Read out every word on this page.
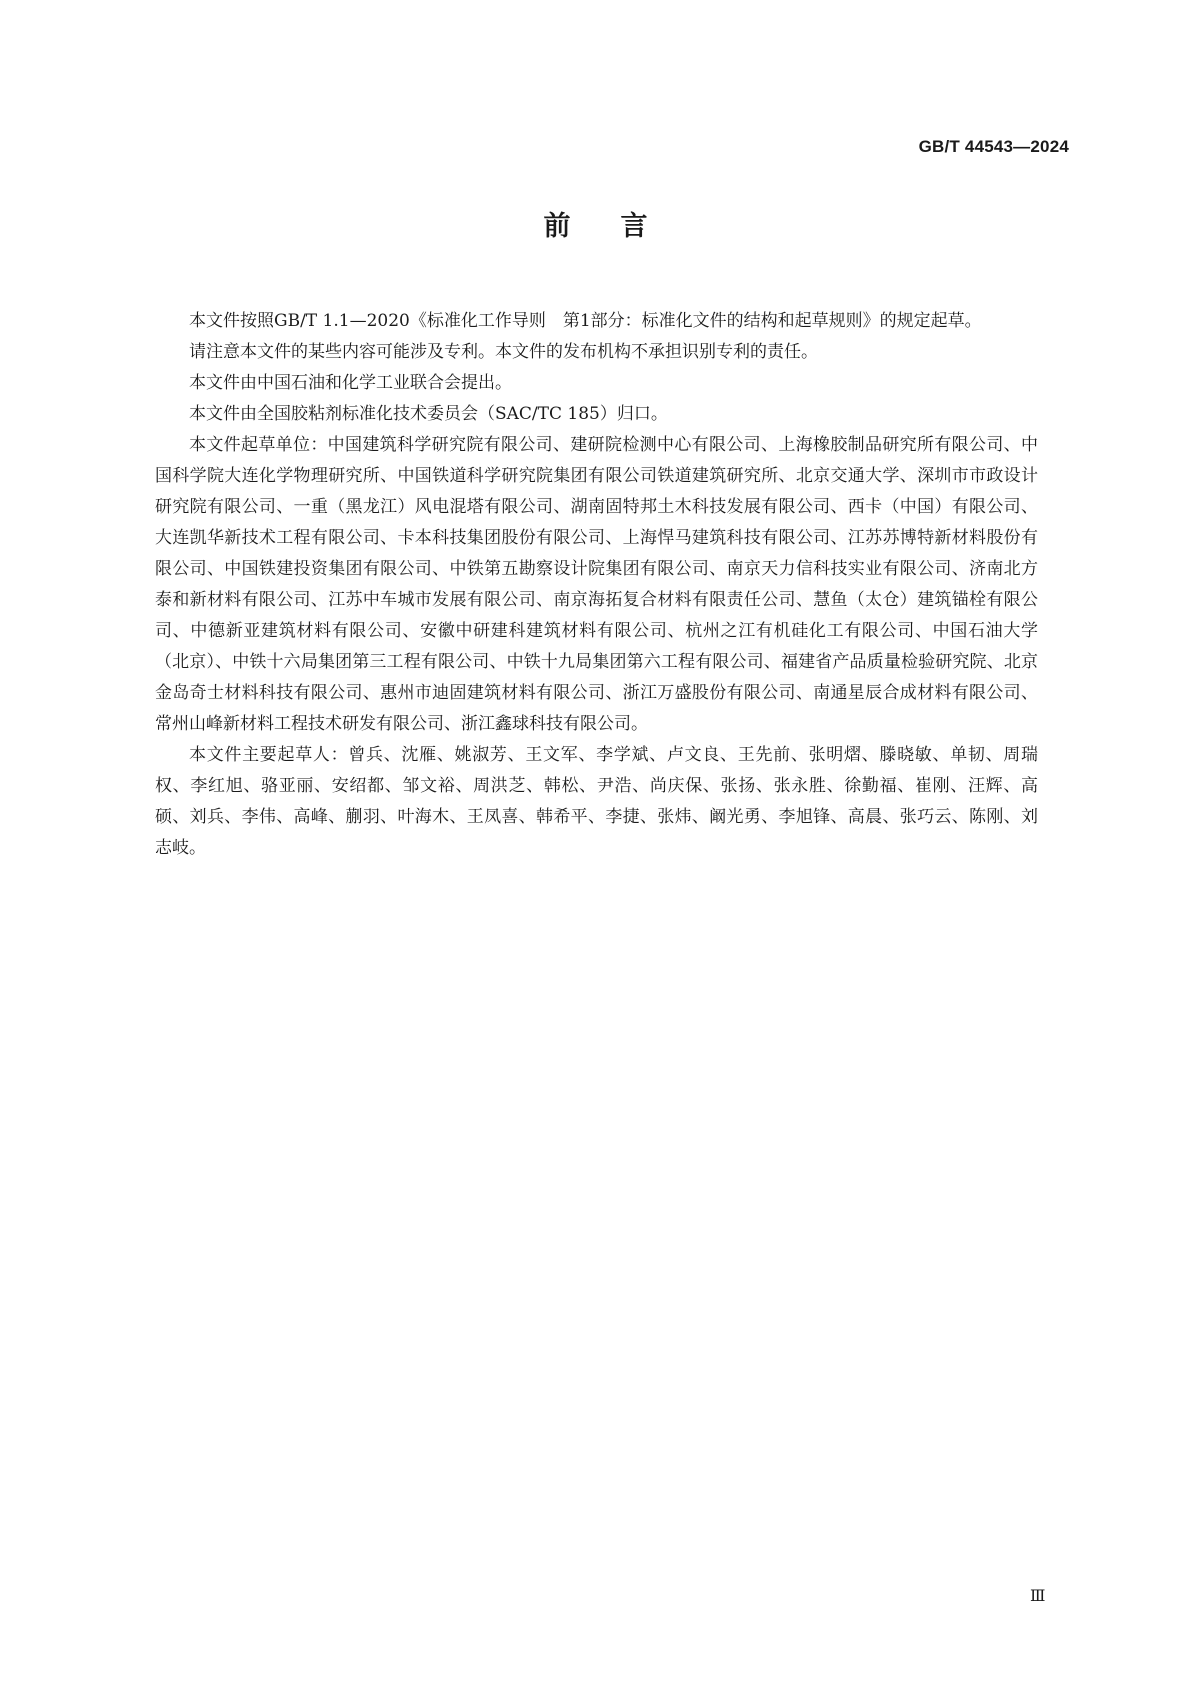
GB/T 44543—2024
前言

本文件按照GB/T 1.1—2020《标准化工作导则　第1部分：标准化文件的结构和起草规则》的规定起草。

请注意本文件的某些内容可能涉及专利。本文件的发布机构不承担识别专利的责任。

本文件由中国石油和化学工业联合会提出。

本文件由全国胶粘剂标准化技术委员会（SAC/TC 185）归口。

本文件起草单位：中国建筑科学研究院有限公司、建研院检测中心有限公司、上海橡胶制品研究所有限公司、中国科学院大连化学物理研究所、中国铁道科学研究院集团有限公司铁道建筑研究所、北京交通大学、深圳市市政设计研究院有限公司、一重（黑龙江）风电混塔有限公司、湖南固特邦土木科技发展有限公司、西卡（中国）有限公司、大连凯华新技术工程有限公司、卡本科技集团股份有限公司、上海悍马建筑科技有限公司、江苏苏博特新材料股份有限公司、中国铁建投资集团有限公司、中铁第五勘察设计院集团有限公司、南京天力信科技实业有限公司、济南北方泰和新材料有限公司、江苏中车城市发展有限公司、南京海拓复合材料有限责任公司、慧鱼（太仓）建筑锚栓有限公司、中德新亚建筑材料有限公司、安徽中研建科建筑材料有限公司、杭州之江有机硅化工有限公司、中国石油大学（北京）、中铁十六局集团第三工程有限公司、中铁十九局集团第六工程有限公司、福建省产品质量检验研究院、北京金岛奇士材料科技有限公司、惠州市迪固建筑材料有限公司、浙江万盛股份有限公司、南通星辰合成材料有限公司、常州山峰新材料工程技术研发有限公司、浙江鑫球科技有限公司。

本文件主要起草人：曾兵、沈雁、姚淑芳、王文军、李学斌、卢文良、王先前、张明熠、滕晓敏、单韧、周瑞权、李红旭、骆亚丽、安绍都、邹文裕、周洪芝、韩松、尹浩、尚庆保、张扬、张永胜、徐勤福、崔刚、汪辉、高硕、刘兵、李伟、高峰、蒯羽、叶海木、王凤喜、韩希平、李捷、张炜、阚光勇、李旭锋、高晨、张巧云、陈刚、刘志岐。

Ⅲ
